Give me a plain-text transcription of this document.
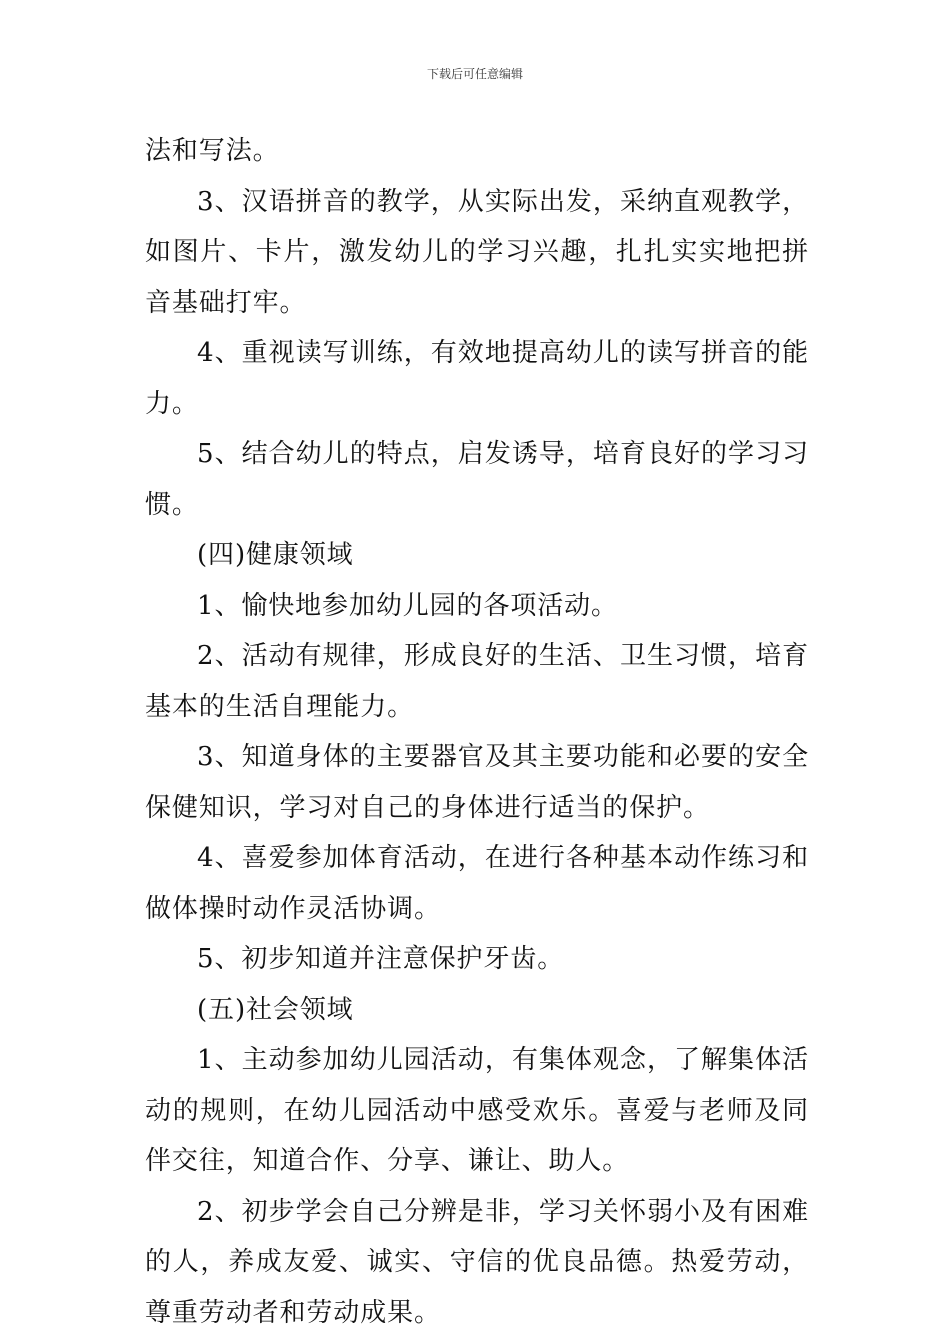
下载后可任意编辑

法和写法。

3、汉语拼音的教学，从实际出发，采纳直观教学，如图片、卡片，激发幼儿的学习兴趣，扎扎实实地把拼音基础打牢。

4、重视读写训练，有效地提高幼儿的读写拼音的能力。

5、结合幼儿的特点，启发诱导，培育良好的学习习惯。

(四)健康领域

1、愉快地参加幼儿园的各项活动。

2、活动有规律，形成良好的生活、卫生习惯，培育基本的生活自理能力。

3、知道身体的主要器官及其主要功能和必要的安全保健知识，学习对自己的身体进行适当的保护。

4、喜爱参加体育活动，在进行各种基本动作练习和做体操时动作灵活协调。

5、初步知道并注意保护牙齿。

(五)社会领域

1、主动参加幼儿园活动，有集体观念，了解集体活动的规则，在幼儿园活动中感受欢乐。喜爱与老师及同伴交往，知道合作、分享、谦让、助人。

2、初步学会自己分辨是非，学习关怀弱小及有困难的人，养成友爱、诚实、守信的优良品德。热爱劳动，尊重劳动者和劳动成果。
